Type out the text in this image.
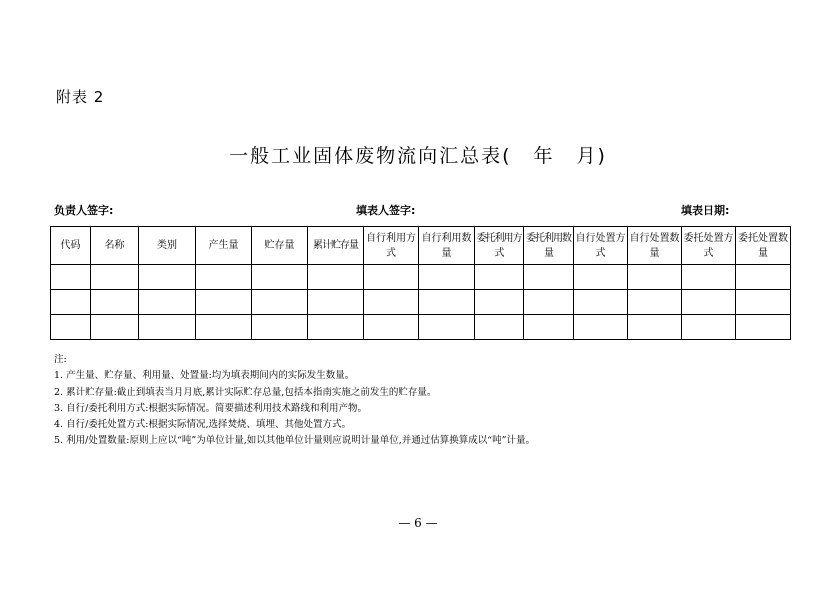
附表 2
一般工业固体废物流向汇总表( 年 月)
负责人签字:	填表人签字:	填表日期:
代码	名称	类别	产生量	贮存量	累计贮存量	自行利用方式	自行利用数量	委托利用方式	委托利用数量	自行处置方式	自行处置数量	委托处置方式	委托处置数量

注:
1. 产生量、贮存量、利用量、处置量:均为填表期间内的实际发生数量。
2. 累计贮存量:截止到填表当月月底,累计实际贮存总量,包括本指南实施之前发生的贮存量。
3. 自行/委托利用方式:根据实际情况。简要描述利用技术路线和利用产物。
4. 自行/委托处置方式:根据实际情况,选择焚烧、填埋、其他处置方式。
5. 利用/处置数量:原则上应以“吨”为单位计量,如以其他单位计量则应说明计量单位,并通过估算换算成以“吨”计量。
— 6 —
